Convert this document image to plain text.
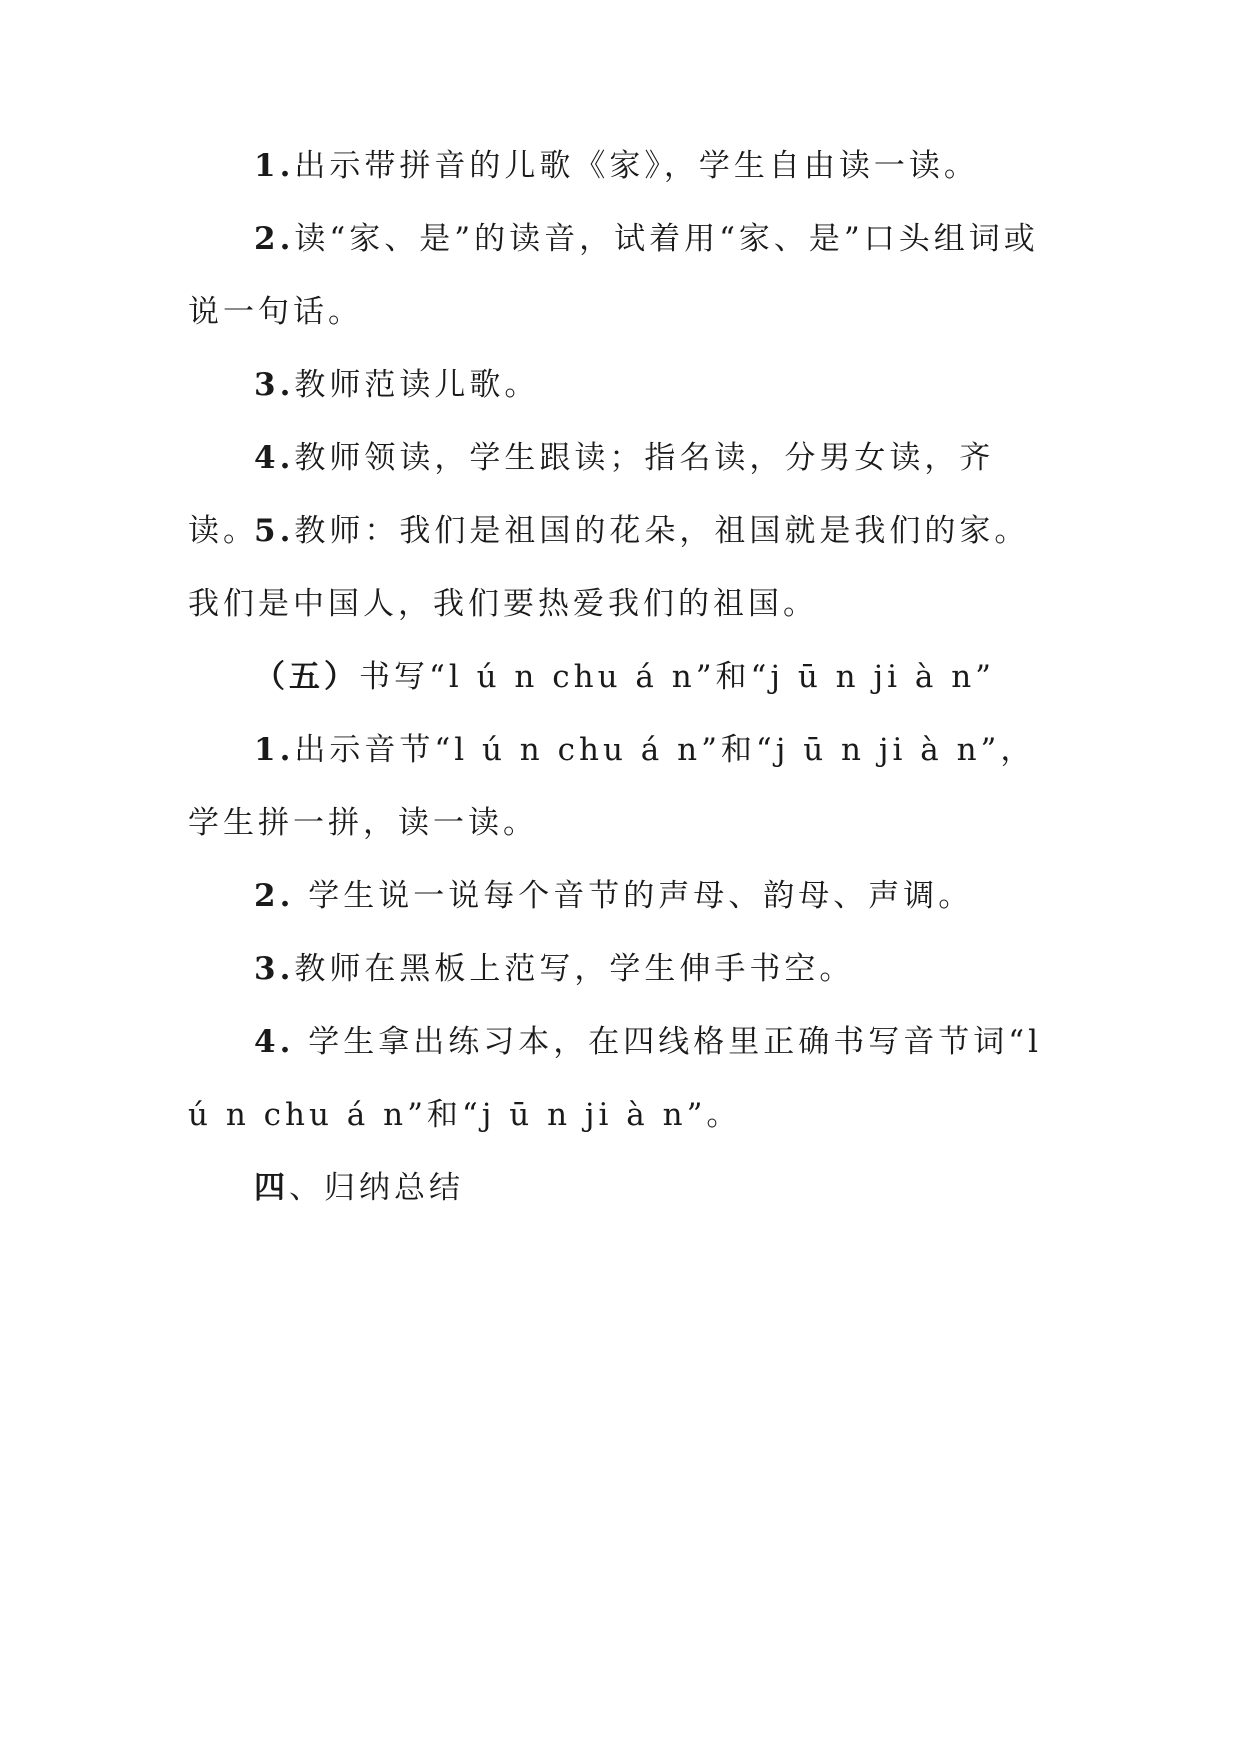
1.出示带拼音的儿歌《家》，学生自由读一读。

2.读“家、是”的读音，试着用“家、是”口头组词或说一句话。

3.教师范读儿歌。

4.教师领读，学生跟读；指名读，分男女读，齐读。

5.教师：我们是祖国的花朵，祖国就是我们的家。我们是中国人，我们要热爱我们的祖国。

（五）书写“l ú n chu á n”和“j ū n ji à n”

1.出示音节“l ú n chu á n”和“j ū n ji à n”，学生拼一拼，读一读。

2. 学生说一说每个音节的声母、韵母、声调。

3.教师在黑板上范写，学生伸手书空。

4. 学生拿出练习本，在四线格里正确书写音节词“l ú n chu á n”和“j ū n ji à n”。

四、归纳总结
